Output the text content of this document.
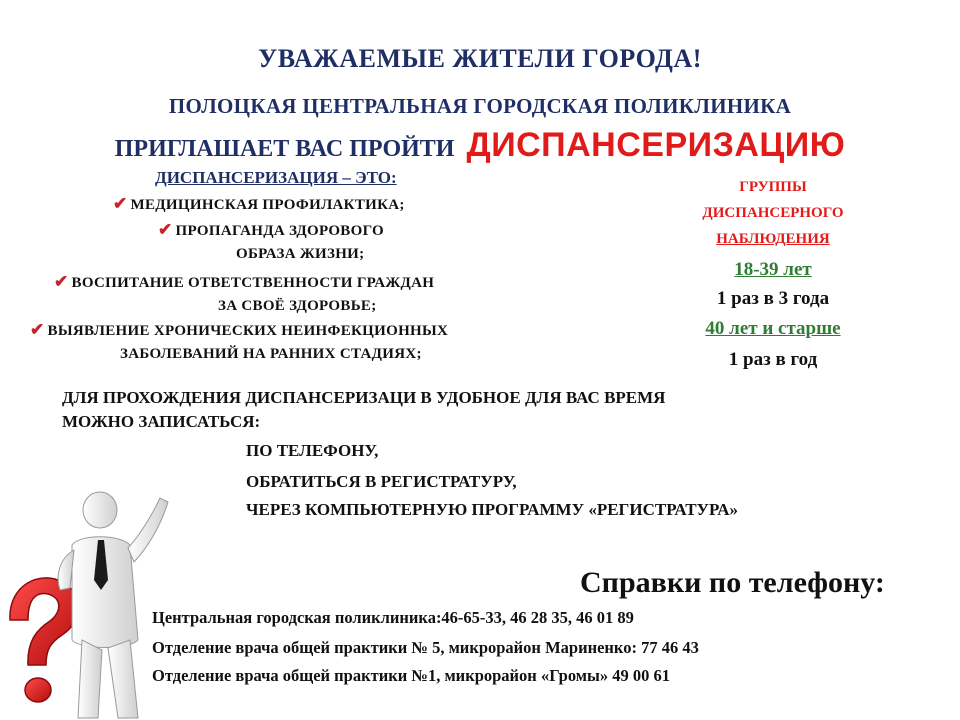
УВАЖАЕМЫЕ ЖИТЕЛИ ГОРОДА!
ПОЛОЦКАЯ ЦЕНТРАЛЬНАЯ ГОРОДСКАЯ ПОЛИКЛИНИКА
ПРИГЛАШАЕТ ВАС ПРОЙТИ ДИСПАНСЕРИЗАЦИЮ
ДИСПАНСЕРИЗАЦИЯ – ЭТО:
✔ МЕДИЦИНСКАЯ ПРОФИЛАКТИКА;
✔ ПРОПАГАНДА ЗДОРОВОГО
ОБРАЗА ЖИЗНИ;
✔ ВОСПИТАНИЕ ОТВЕТСТВЕННОСТИ ГРАЖДАН
ЗА СВОЁ ЗДОРОВЬЕ;
✔ ВЫЯВЛЕНИЕ ХРОНИЧЕСКИХ НЕИНФЕКЦИОННЫХ
ЗАБОЛЕВАНИЙ НА РАННИХ СТАДИЯХ;
ГРУППЫ
ДИСПАНСЕРНОГО
НАБЛЮДЕНИЯ
18-39 лет
1 раз в 3 года
40 лет и старше
1 раз в год
ДЛЯ ПРОХОЖДЕНИЯ ДИСПАНСЕРИЗАЦИ В УДОБНОЕ ДЛЯ ВАС ВРЕМЯ
МОЖНО ЗАПИСАТЬСЯ:
ПО ТЕЛЕФОНУ,
ОБРАТИТЬСЯ В РЕГИСТРАТУРУ,
ЧЕРЕЗ КОМПЬЮТЕРНУЮ ПРОГРАММУ «РЕГИСТРАТУРА»
Справки по телефону:
Центральная городская поликлиника:46-65-33, 46 28 35, 46 01 89
Отделение врача общей практики № 5, микрорайон Мариненко: 77 46 43
Отделение врача общей практики №1, микрорайон «Громы» 49 00 61
